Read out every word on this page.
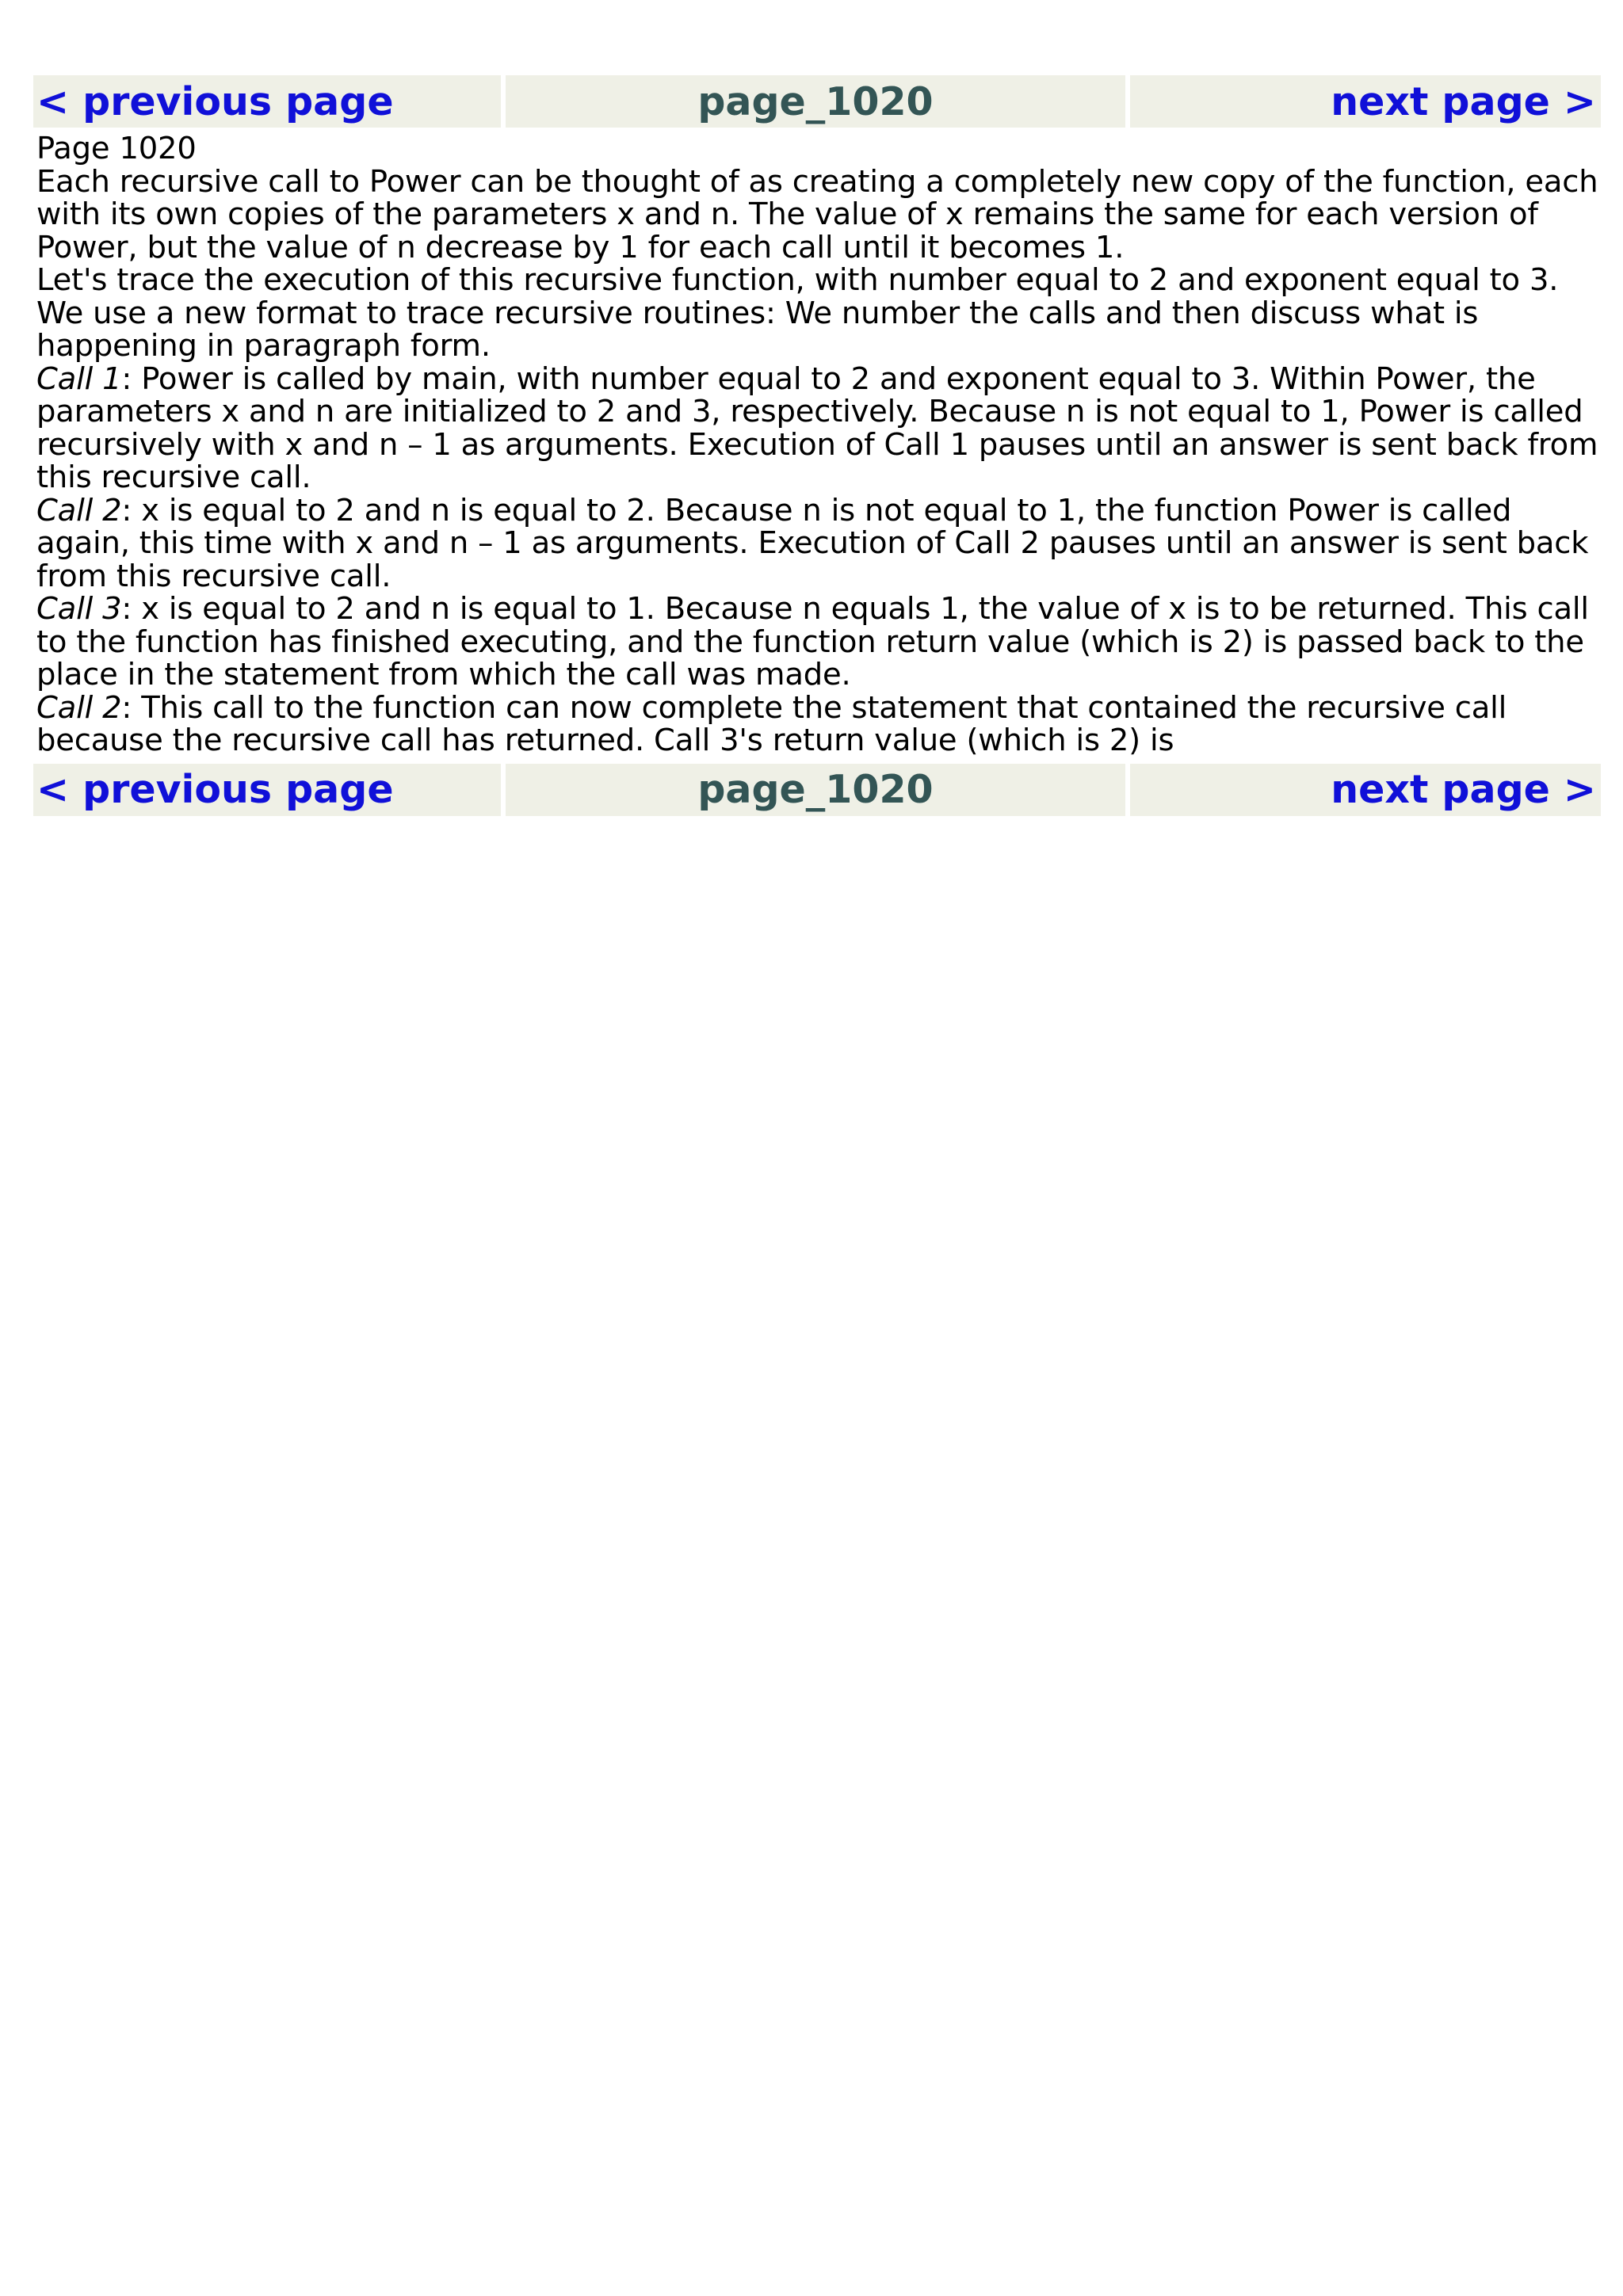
< previous page	page_1020	next page >

Page 1020

Each recursive call to Power can be thought of as creating a completely new copy of the function, each with its own copies of the parameters x and n. The value of x remains the same for each version of Power, but the value of n decrease by 1 for each call until it becomes 1.

Let's trace the execution of this recursive function, with number equal to 2 and exponent equal to 3. We use a new format to trace recursive routines: We number the calls and then discuss what is happening in paragraph form.

Call 1: Power is called by main, with number equal to 2 and exponent equal to 3. Within Power, the parameters x and n are initialized to 2 and 3, respectively. Because n is not equal to 1, Power is called recursively with x and n – 1 as arguments. Execution of Call 1 pauses until an answer is sent back from this recursive call.

Call 2: x is equal to 2 and n is equal to 2. Because n is not equal to 1, the function Power is called again, this time with x and n – 1 as arguments. Execution of Call 2 pauses until an answer is sent back from this recursive call.

Call 3: x is equal to 2 and n is equal to 1. Because n equals 1, the value of x is to be returned. This call to the function has finished executing, and the function return value (which is 2) is passed back to the place in the statement from which the call was made.

Call 2: This call to the function can now complete the statement that contained the recursive call because the recursive call has returned. Call 3's return value (which is 2) is

< previous page	page_1020	next page >
